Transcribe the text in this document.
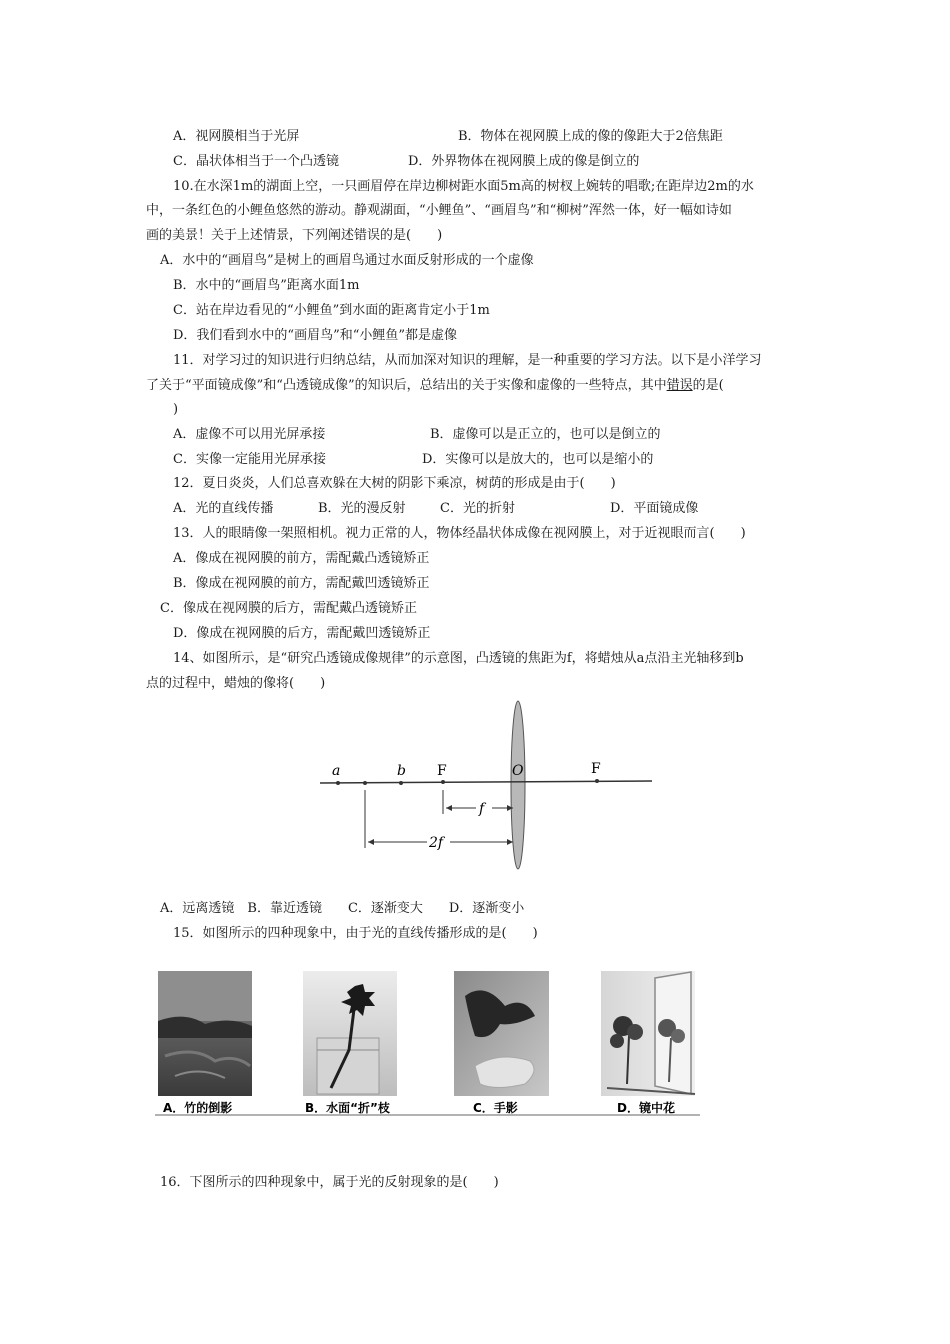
A．视网膜相当于光屏	B．物体在视网膜上成的像的像距大于2倍焦距
C．晶状体相当于一个凸透镜	D．外界物体在视网膜上成的像是倒立的
10.在水深1m的湖面上空，一只画眉停在岸边柳树距水面5m高的树杈上婉转的唱歌;在距岸边2m的水
中，一条红色的小鲤鱼悠然的游动。静观湖面，“小鲤鱼”、“画眉鸟”和“柳树”浑然一体，好一幅如诗如
画的美景！关于上述情景，下列阐述错误的是(　　)
A．水中的“画眉鸟”是树上的画眉鸟通过水面反射形成的一个虚像
B．水中的“画眉鸟”距离水面1m
C．站在岸边看见的“小鲤鱼”到水面的距离肯定小于1m
D．我们看到水中的“画眉鸟”和“小鲤鱼”都是虚像
11．对学习过的知识进行归纳总结，从而加深对知识的理解，是一种重要的学习方法。以下是小洋学习
了关于“平面镜成像”和“凸透镜成像”的知识后，总结出的关于实像和虚像的一些特点，其中错误的是(
)
A．虚像不可以用光屏承接	B．虚像可以是正立的，也可以是倒立的
C．实像一定能用光屏承接	D．实像可以是放大的，也可以是缩小的
12．夏日炎炎，人们总喜欢躲在大树的阴影下乘凉，树荫的形成是由于(　　)
A．光的直线传播	B．光的漫反射	C．光的折射	D．平面镜成像
13．人的眼睛像一架照相机。视力正常的人，物体经晶状体成像在视网膜上，对于近视眼而言(　　)
A．像成在视网膜的前方，需配戴凸透镜矫正
B．像成在视网膜的前方，需配戴凹透镜矫正
C．像成在视网膜的后方，需配戴凸透镜矫正
D．像成在视网膜的后方，需配戴凹透镜矫正
14、如图所示，是“研究凸透镜成像规律”的示意图，凸透镜的焦距为f，将蜡烛从a点沿主光轴移到b
点的过程中，蜡烛的像将(　　)
a	b F	O	F
f
2f
A．远离透镜　B．靠近透镜　　C．逐渐变大　　D．逐渐变小
15．如图所示的四种现象中，由于光的直线传播形成的是(　　)
A．竹的倒影	B．水面“折”枝	C．手影	D．镜中花
16．下图所示的四种现象中，属于光的反射现象的是(　　)
